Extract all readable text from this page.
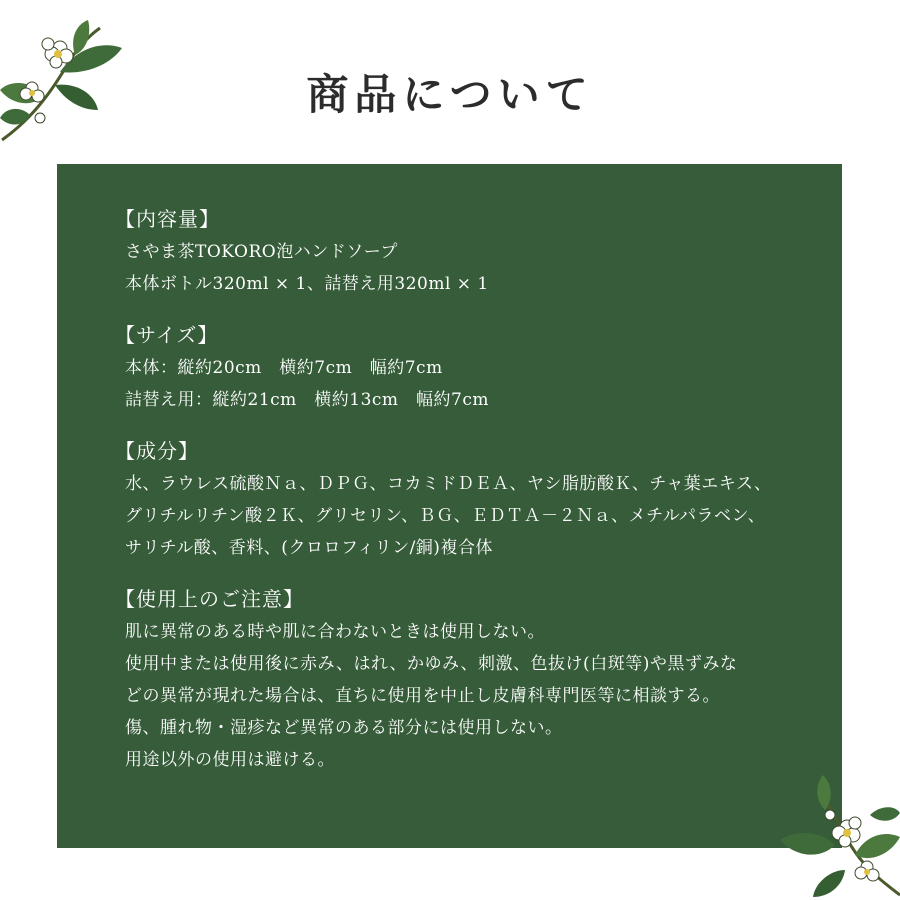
商品について

【内容量】

さやま茶TOKORO泡ハンドソープ

本体ボトル320ml × 1、詰替え用320ml × 1

【サイズ】

本体：縦約20cm　横約7cm　幅約7cm

詰替え用：縦約21cm　横約13cm　幅約7cm

【成分】

水、ラウレス硫酸Ｎａ、ＤＰＧ、コカミドＤＥＡ、ヤシ脂肪酸Ｋ、チャ葉エキス、

グリチルリチン酸２Ｋ、グリセリン、ＢＧ、ＥＤＴＡ－２Ｎａ、メチルパラベン、

サリチル酸、香料、(クロロフィリン/銅)複合体

【使用上のご注意】

肌に異常のある時や肌に合わないときは使用しない。

使用中または使用後に赤み、はれ、かゆみ、刺激、色抜け(白斑等)や黒ずみな

どの異常が現れた場合は、直ちに使用を中止し皮膚科専門医等に相談する。

傷、腫れ物・湿疹など異常のある部分には使用しない。

用途以外の使用は避ける。
